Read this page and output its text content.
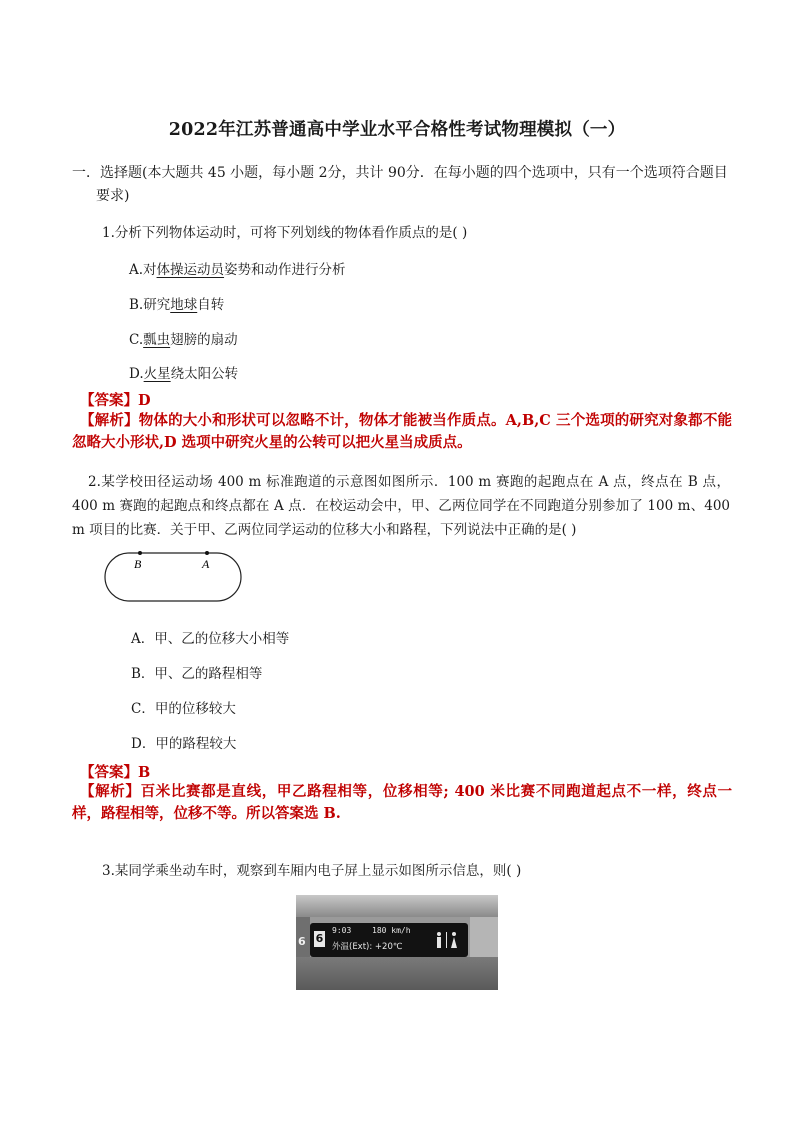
2022年江苏普通高中学业水平合格性考试物理模拟（一）
一．选择题(本大题共 45 小题，每小题 2分，共计 90分．在每小题的四个选项中，只有一个选项符合题目
要求)
1.分析下列物体运动时，可将下列划线的物体看作质点的是( )
A.对体操运动员姿势和动作进行分析
B.研究地球自转
C.瓢虫翅膀的扇动
D.火星绕太阳公转
【答案】D
【解析】物体的大小和形状可以忽略不计，物体才能被当作质点。A,B,C 三个选项的研究对象都不能忽略大小形状,D 选项中研究火星的公转可以把火星当成质点。
2.某学校田径运动场 400 m 标准跑道的示意图如图所示．100 m 赛跑的起跑点在 A 点，终点在 B 点，400 m 赛跑的起跑点和终点都在 A 点．在校运动会中，甲、乙两位同学在不同跑道分别参加了 100 m、400 m 项目的比赛．关于甲、乙两位同学运动的位移大小和路程，下列说法中正确的是( )
B	A
A．甲、乙的位移大小相等
B．甲、乙的路程相等
C．甲的位移较大
D．甲的路程较大
【答案】B
【解析】百米比赛都是直线，甲乙路程相等，位移相等; 400 米比赛不同跑道起点不一样，终点一样，路程相等，位移不等。所以答案选 B.
3.某同学乘坐动车时，观察到车厢内电子屏上显示如图所示信息，则( )
6 6
9:03	180 km/h
外温(Ext): +20℃
